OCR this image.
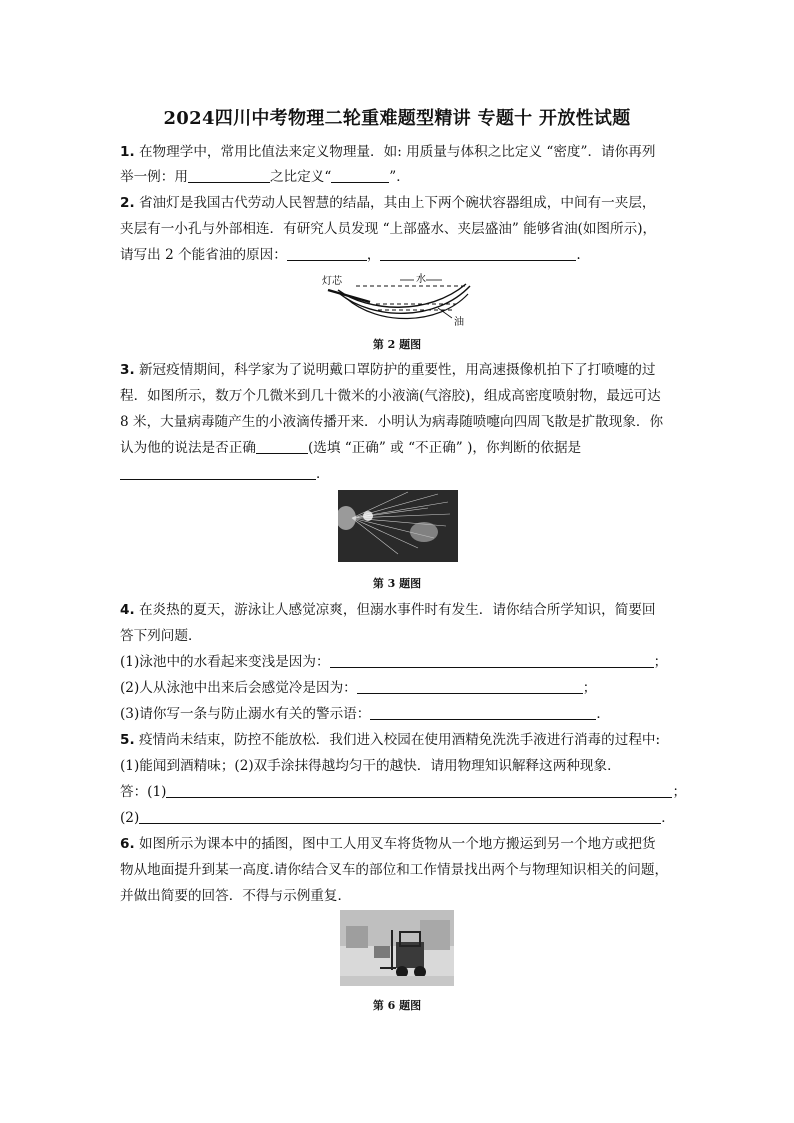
2024四川中考物理二轮重难题型精讲 专题十 开放性试题
1. 在物理学中，常用比值法来定义物理量．如: 用质量与体积之比定义 “密度”．请你再列
举一例：用	之比定义“	”．
2. 省油灯是我国古代劳动人民智慧的结晶，其由上下两个碗状容器组成，中间有一夹层，
夹层有一小孔与外部相连．有研究人员发现 “上部盛水、夹层盛油” 能够省油(如图所示)，
请写出 2 个能省油的原因：	，	.
灯芯	水
油
第 2 题图
3. 新冠疫情期间，科学家为了说明戴口罩防护的重要性，用高速摄像机拍下了打喷嚏的过
程．如图所示，数万个几微米到几十微米的小液滴(气溶胶)，组成高密度喷射物，最远可达
8 米，大量病毒随产生的小液滴传播开来．小明认为病毒随喷嚏向四周飞散是扩散现象．你
认为他的说法是否正确	(选填 “正确” 或 “不正确” )，你判断的依据是
．
第 3 题图
4. 在炎热的夏天，游泳让人感觉凉爽，但溺水事件时有发生．请你结合所学知识，简要回
答下列问题．
(1)泳池中的水看起来变浅是因为：	；
(2)人从泳池中出来后会感觉冷是因为：	；
(3)请你写一条与防止溺水有关的警示语：	．
5. 疫情尚未结束，防控不能放松．我们进入校园在使用酒精免洗洗手液进行消毒的过程中:
(1)能闻到酒精味；(2)双手涂抹得越均匀干的越快．请用物理知识解释这两种现象．
答：(1)	；
(2)	．
6. 如图所示为课本中的插图，图中工人用叉车将货物从一个地方搬运到另一个地方或把货
物从地面提升到某一高度.请你结合叉车的部位和工作情景找出两个与物理知识相关的问题，
并做出简要的回答．不得与示例重复．
第 6 题图
